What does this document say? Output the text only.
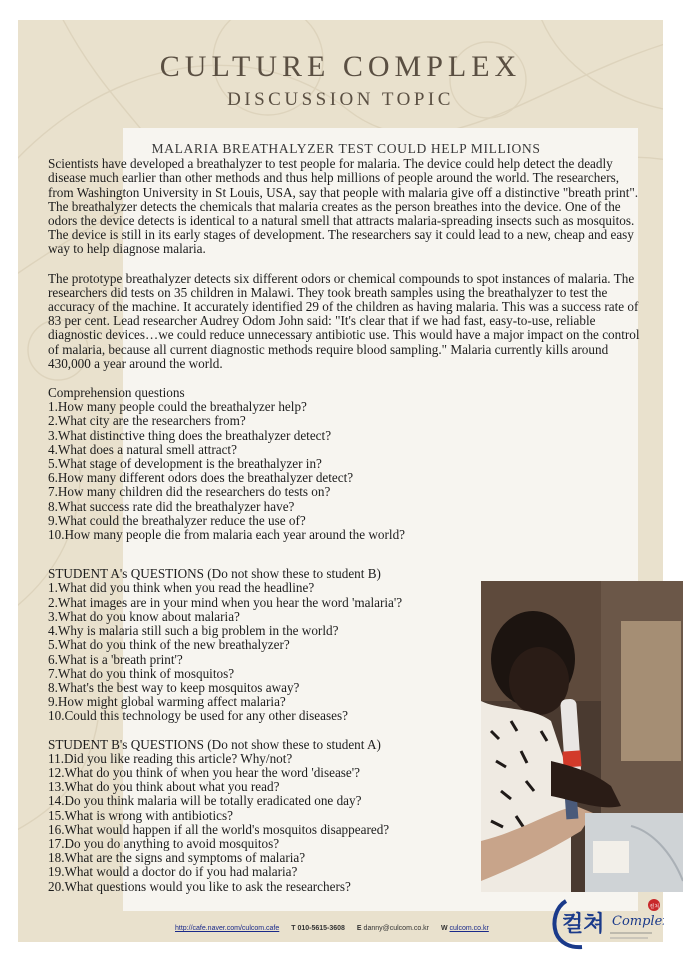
CULTURE COMPLEX
DISCUSSION TOPIC
MALARIA BREATHALYZER TEST COULD HELP MILLIONS

Scientists have developed a breathalyzer to test people for malaria. The device could help detect the deadly disease much earlier than other methods and thus help millions of people around the world. The researchers, from Washington University in St Louis, USA, say that people with malaria give off a distinctive "breath print". The breathalyzer detects the chemicals that malaria creates as the person breathes into the device. One of the odors the device detects is identical to a natural smell that attracts malaria-spreading insects such as mosquitos. The device is still in its early stages of development. The researchers say it could lead to a new, cheap and easy way to help diagnose malaria.

The prototype breathalyzer detects six different odors or chemical compounds to spot instances of malaria. The researchers did tests on 35 children in Malawi. They took breath samples using the breathalyzer to test the accuracy of the machine. It accurately identified 29 of the children as having malaria. This was a success rate of 83 per cent. Lead researcher Audrey Odom John said: "It's clear that if we had fast, easy-to-use, reliable diagnostic devices…we could reduce unnecessary antibiotic use. This would have a major impact on the control of malaria, because all current diagnostic methods require blood sampling." Malaria currently kills around 430,000 a year around the world.

Comprehension questions
1.How many people could the breathalyzer help?
2.What city are the researchers from?
3.What distinctive thing does the breathalyzer detect?
4.What does a natural smell attract?
5.What stage of development is the breathalyzer in?
6.How many different odors does the breathalyzer detect?
7.How many children did the researchers do tests on?
8.What success rate did the breathalyzer have?
9.What could the breathalyzer reduce the use of?
10.How many people die from malaria each year around the world?
STUDENT A's QUESTIONS (Do not show these to student B)
1.What did you think when you read the headline?
2.What images are in your mind when you hear the word 'malaria'?
3.What do you know about malaria?
4.Why is malaria still such a big problem in the world?
5.What do you think of the new breathalyzer?
6.What is a 'breath print'?
7.What do you think of mosquitos?
8.What's the best way to keep mosquitos away?
9.How might global warming affect malaria?
10.Could this technology be used for any other diseases?
STUDENT B's QUESTIONS (Do not show these to student A)
11.Did you like reading this article? Why/not?
12.What do you think of when you hear the word 'disease'?
13.What do you think about what you read?
14.Do you think malaria will be totally eradicated one day?
15.What is wrong with antibiotics?
16.What would happen if all the world's mosquitos disappeared?
17.Do you do anything to avoid mosquitos?
18.What are the signs and symptoms of malaria?
19.What would a doctor do if you had malaria?
20.What questions would you like to ask the researchers?
http://cafe.naver.com/culcom.cafe T 010-5615-3608 E danny@culcom.co.kr W culcom.co.kr	컬쳐 Complex
컬쳐
